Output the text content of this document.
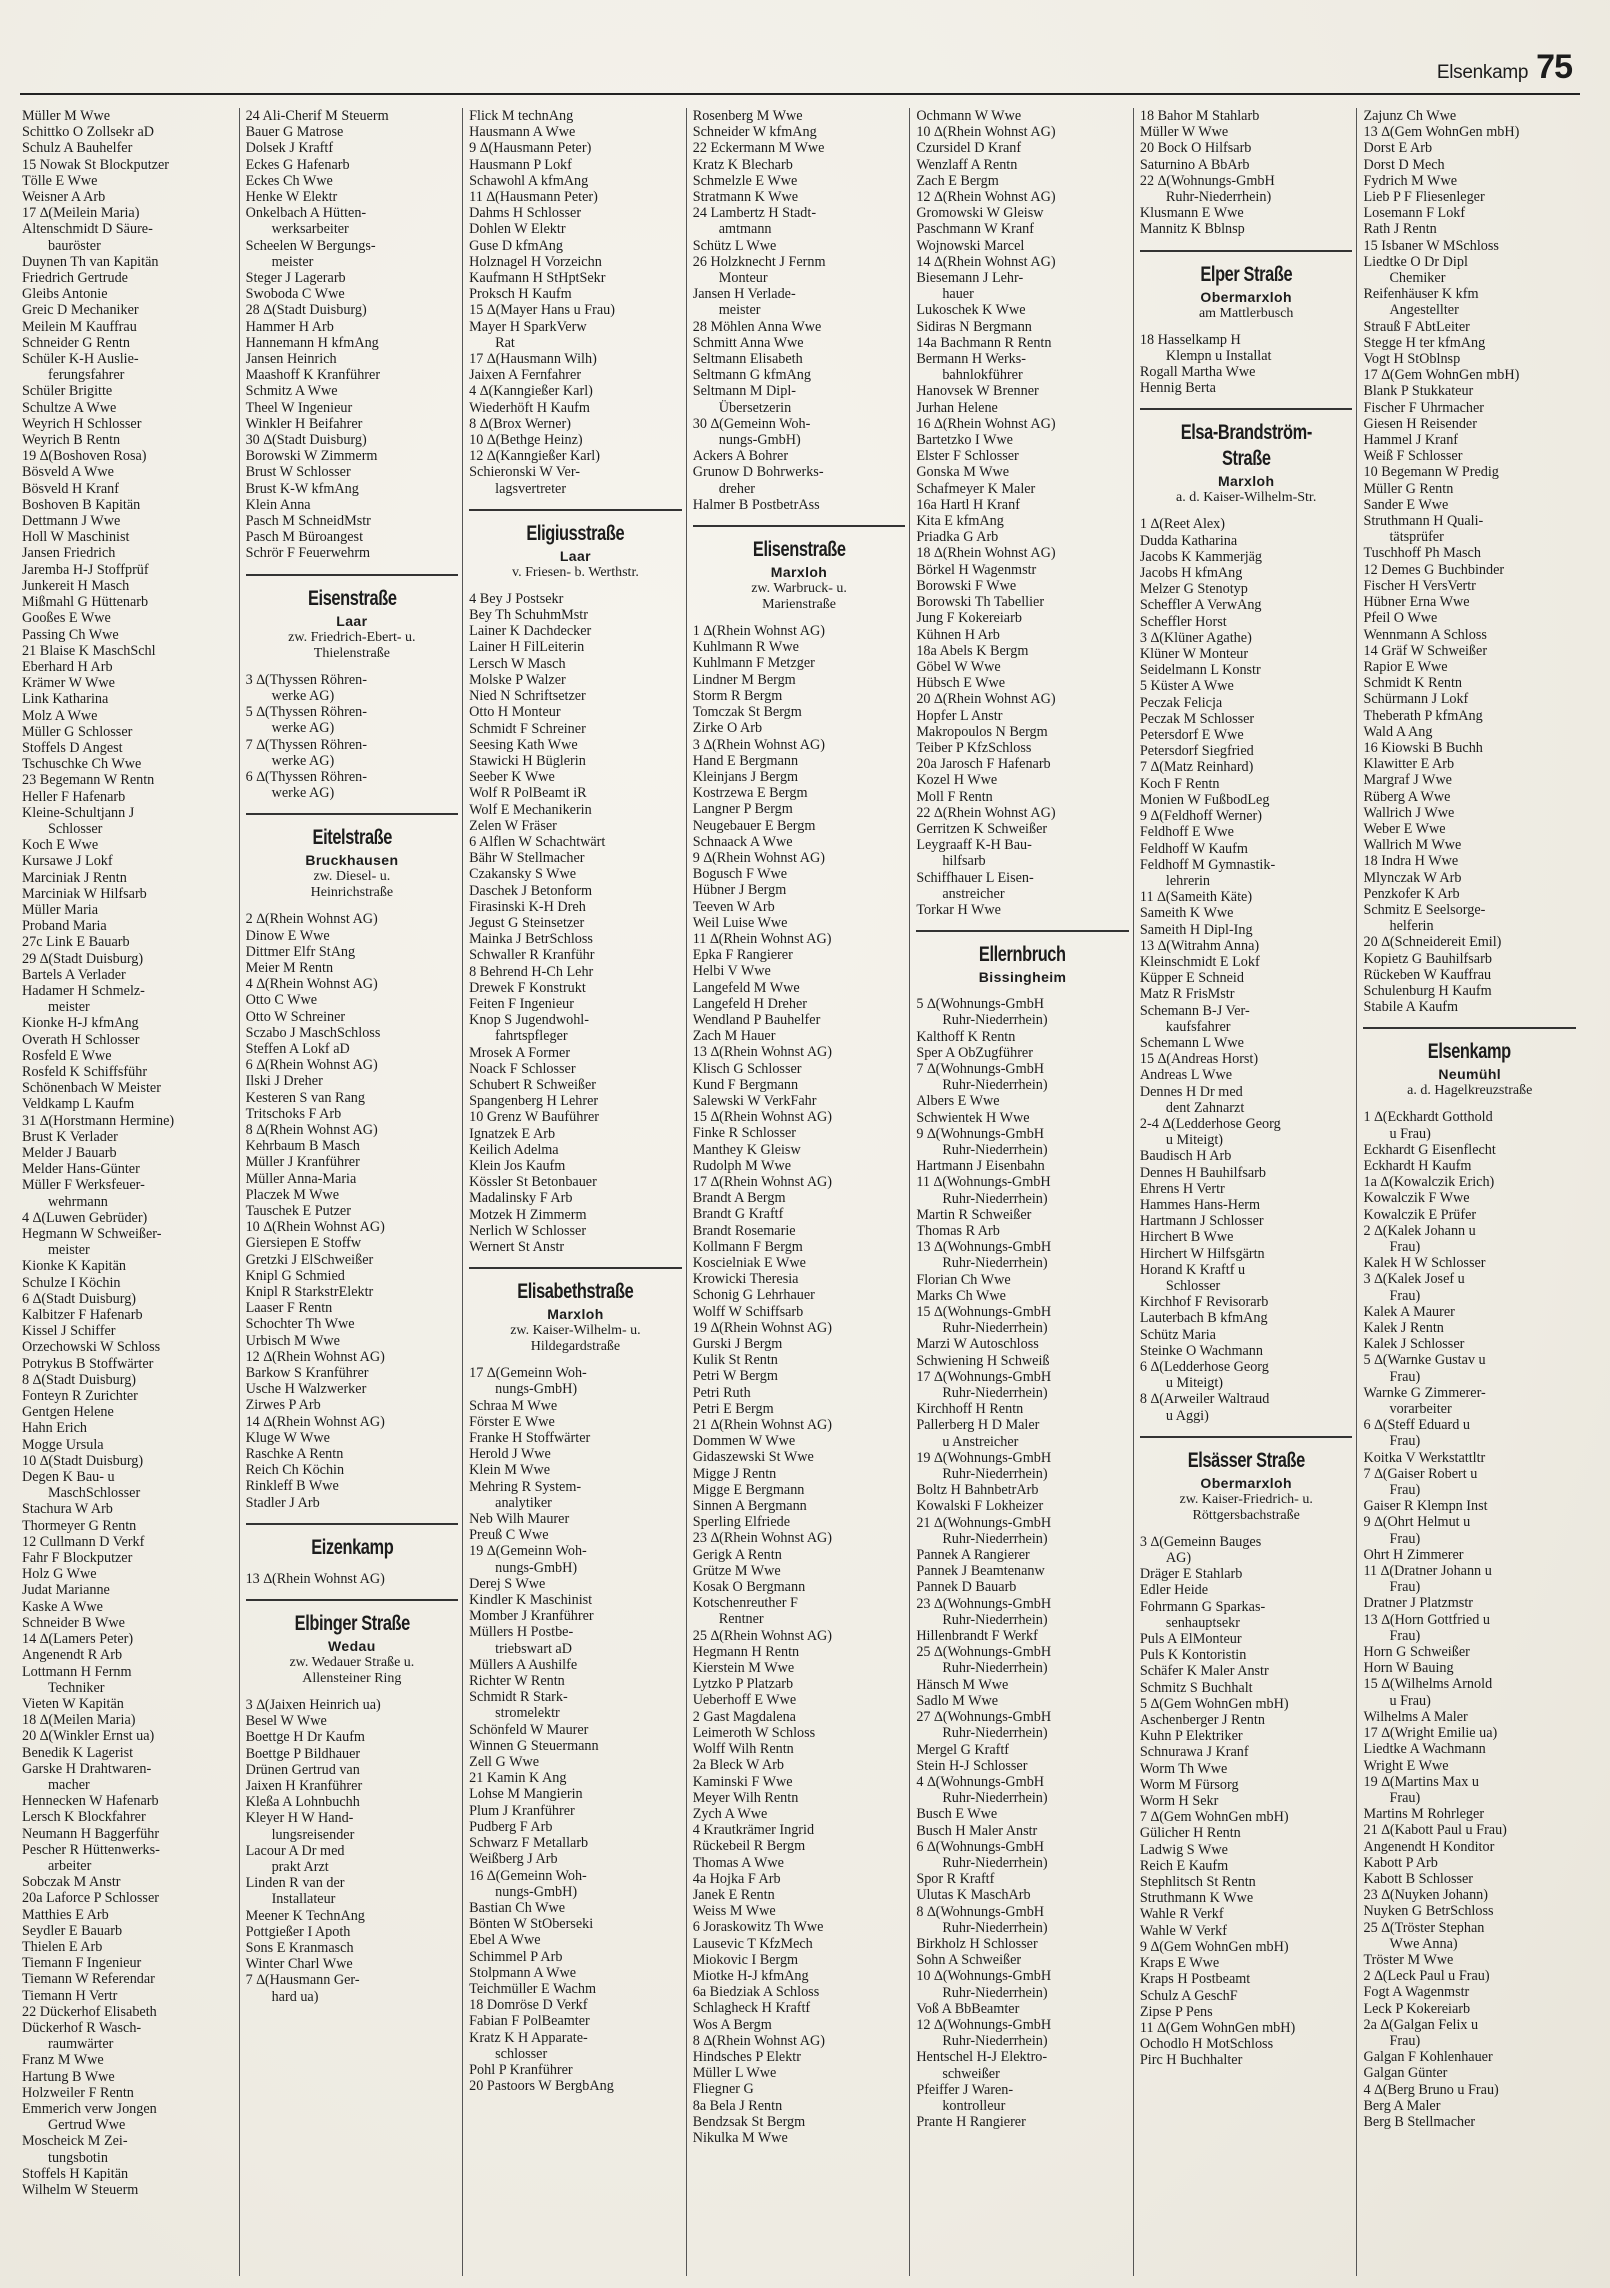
Elsenkamp 75
Müller M Wwe
Schittko O Zollsekr aD
Schulz A Bauhelfer
15 Nowak St Blockputzer
Tölle E Wwe
Weisner A Arb
17 ∆(Meilein Maria)
Altenschmidt D Säure-
bauröster
Duynen Th van Kapitän
Friedrich Gertrude
Gleibs Antonie
Greic D Mechaniker
Meilein M Kauffrau
Schneider G Rentn
Schüler K-H Auslie-
ferungsfahrer
Schüler Brigitte
Schultze A Wwe
Weyrich H Schlosser
Weyrich B Rentn
19 ∆(Boshoven Rosa)
Bösveld A Wwe
Bösveld H Kranf
Boshoven B Kapitän
Dettmann J Wwe
Holl W Maschinist
Jansen Friedrich
Jaremba H-J Stoffprüf
Junkereit H Masch
Mißmahl G Hüttenarb
Gooßes E Wwe
Passing Ch Wwe
21 Blaise K MaschSchl
Eberhard H Arb
Krämer W Wwe
Link Katharina
Molz A Wwe
Müller G Schlosser
Stoffels D Angest
Tschuschke Ch Wwe
23 Begemann W Rentn
Heller F Hafenarb
Kleine-Schultjann J
Schlosser
Koch E Wwe
Kursawe J Lokf
Marciniak J Rentn
Marciniak W Hilfsarb
Müller Maria
Proband Maria
27c Link E Bauarb
29 ∆(Stadt Duisburg)
Bartels A Verlader
Hadamer H Schmelz-
meister
Kionke H-J kfmAng
Overath H Schlosser
Rosfeld E Wwe
Rosfeld K Schiffsführ
Schönenbach W Meister
Veldkamp L Kaufm
31 ∆(Horstmann Hermine)
Brust K Verlader
Melder J Bauarb
Melder Hans-Günter
Müller F Werksfeuer-
wehrmann
4 ∆(Luwen Gebrüder)
Hegmann W Schweißer-
meister
Kionke K Kapitän
Schulze I Köchin
6 ∆(Stadt Duisburg)
Kalbitzer F Hafenarb
Kissel J Schiffer
Orzechowski W Schloss
Potrykus B Stoffwärter
8 ∆(Stadt Duisburg)
Fonteyn R Zurichter
Gentgen Helene
Hahn Erich
Mogge Ursula
10 ∆(Stadt Duisburg)
Degen K Bau- u
MaschSchlosser
Stachura W Arb
Thormeyer G Rentn
12 Cullmann D Verkf
Fahr F Blockputzer
Holz G Wwe
Judat Marianne
Kaske A Wwe
Schneider B Wwe
14 ∆(Lamers Peter)
Angenendt R Arb
Lottmann H Fernm
Techniker
Vieten W Kapitän
18 ∆(Meilen Maria)
20 ∆(Winkler Ernst ua)
Benedik K Lagerist
Garske H Drahtwaren-
macher
Hennecken W Hafenarb
Lersch K Blockfahrer
Neumann H Baggerführ
Pescher R Hüttenwerks-
arbeiter
Sobczak M Anstr
20a Laforce P Schlosser
Matthies E Arb
Seydler E Bauarb
Thielen E Arb
Tiemann F Ingenieur
Tiemann W Referendar
Tiemann H Vertr
22 Dückerhof Elisabeth
Dückerhof R Wasch-
raumwärter
Franz M Wwe
Hartung B Wwe
Holzweiler F Rentn
Emmerich verw Jongen
Gertrud Wwe
Moscheick M Zei-
tungsbotin
Stoffels H Kapitän
Wilhelm W Steuerm
24 Ali-Cherif M Steuerm
Bauer G Matrose
Dolsek J Kraftf
Eckes G Hafenarb
Eckes Ch Wwe
Henke W Elektr
Onkelbach A Hütten-
werksarbeiter
Scheelen W Bergungs-
meister
Steger J Lagerarb
Swoboda C Wwe
28 ∆(Stadt Duisburg)
Hammer H Arb
Hannemann H kfmAng
Jansen Heinrich
Maashoff K Kranführer
Schmitz A Wwe
Theel W Ingenieur
Winkler H Beifahrer
30 ∆(Stadt Duisburg)
Borowski W Zimmerm
Brust W Schlosser
Brust K-W kfmAng
Klein Anna
Pasch M SchneidMstr
Pasch M Büroangest
Schrör F Feuerwehrm
Eisenstraße
Laar
zw. Friedrich-Ebert- u.
Thielenstraße
3 ∆(Thyssen Röhren-
werke AG)
5 ∆(Thyssen Röhren-
werke AG)
7 ∆(Thyssen Röhren-
werke AG)
6 ∆(Thyssen Röhren-
werke AG)
Eitelstraße
Bruckhausen
zw. Diesel- u.
Heinrichstraße
2 ∆(Rhein Wohnst AG)
Dinow E Wwe
Dittmer Elfr StAng
Meier M Rentn
4 ∆(Rhein Wohnst AG)
Otto C Wwe
Otto W Schreiner
Sczabo J MaschSchloss
Steffen A Lokf aD
6 ∆(Rhein Wohnst AG)
Ilski J Dreher
Kesteren S van Rang
Tritschoks F Arb
8 ∆(Rhein Wohnst AG)
Kehrbaum B Masch
Müller J Kranführer
Müller Anna-Maria
Placzek M Wwe
Tauschek E Putzer
10 ∆(Rhein Wohnst AG)
Giersiepen E Stoffw
Gretzki J ElSchweißer
Knipl G Schmied
Knipl R StarkstrElektr
Laaser F Rentn
Schochter Th Wwe
Urbisch M Wwe
12 ∆(Rhein Wohnst AG)
Barkow S Kranführer
Usche H Walzwerker
Zirwes P Arb
14 ∆(Rhein Wohnst AG)
Kluge W Wwe
Raschke A Rentn
Reich Ch Köchin
Rinkleff B Wwe
Stadler J Arb
Eizenkamp
13 ∆(Rhein Wohnst AG)
Elbinger Straße
Wedau
zw. Wedauer Straße u.
Allensteiner Ring
3 ∆(Jaixen Heinrich ua)
Besel W Wwe
Boettge H Dr Kaufm
Boettge P Bildhauer
Drünen Gertrud van
Jaixen H Kranführer
Kleßa A Lohnbuchh
Kleyer H W Hand-
lungsreisender
Lacour A Dr med
prakt Arzt
Linden R van der
Installateur
Meener K TechnAng
Pottgießer I Apoth
Sons E Kranmasch
Winter Charl Wwe
7 ∆(Hausmann Ger-
hard ua)
Flick M technAng
Hausmann A Wwe
9 ∆(Hausmann Peter)
Hausmann P Lokf
Schawohl A kfmAng
11 ∆(Hausmann Peter)
Dahms H Schlosser
Dohlen W Elektr
Guse D kfmAng
Holznagel H Vorzeichn
Kaufmann H StHptSekr
Proksch H Kaufm
15 ∆(Mayer Hans u Frau)
Mayer H SparkVerw
Rat
17 ∆(Hausmann Wilh)
Jaixen A Fernfahrer
4 ∆(Kanngießer Karl)
Wiederhöft H Kaufm
8 ∆(Brox Werner)
10 ∆(Bethge Heinz)
12 ∆(Kanngießer Karl)
Schieronski W Ver-
lagsvertreter
Eligiusstraße
Laar
v. Friesen- b. Werthstr.
4 Bey J Postsekr
Bey Th SchuhmMstr
Lainer K Dachdecker
Lainer H FilLeiterin
Lersch W Masch
Molske P Walzer
Nied N Schriftsetzer
Otto H Monteur
Schmidt F Schreiner
Seesing Kath Wwe
Stawicki H Büglerin
Seeber K Wwe
Wolf R PolBeamt iR
Wolf E Mechanikerin
Zelen W Fräser
6 Alflen W Schachtwärt
Bähr W Stellmacher
Czakansky S Wwe
Daschek J Betonform
Firasinski K-H Dreh
Jegust G Steinsetzer
Mainka J BetrSchloss
Schwaller R Kranführ
8 Behrend H-Ch Lehr
Drewek F Konstrukt
Feiten F Ingenieur
Knop S Jugendwohl-
fahrtspfleger
Mrosek A Former
Noack F Schlosser
Schubert R Schweißer
Spangenberg H Lehrer
10 Grenz W Bauführer
Ignatzek E Arb
Keilich Adelma
Klein Jos Kaufm
Kössler St Betonbauer
Madalinsky F Arb
Motzek H Zimmerm
Nerlich W Schlosser
Wernert St Anstr
Elisabethstraße
Marxloh
zw. Kaiser-Wilhelm- u.
Hildegardstraße
17 ∆(Gemeinn Woh-
nungs-GmbH)
Schraa M Wwe
Förster E Wwe
Franke H Stoffwärter
Herold J Wwe
Klein M Wwe
Mehring R System-
analytiker
Neb Wilh Maurer
Preuß C Wwe
19 ∆(Gemeinn Woh-
nungs-GmbH)
Derej S Wwe
Kindler K Maschinist
Momber J Kranführer
Müllers H Postbe-
triebswart aD
Müllers A Aushilfe
Richter W Rentn
Schmidt R Stark-
stromelektr
Schönfeld W Maurer
Winnen G Steuermann
Zell G Wwe
21 Kamin K Ang
Lohse M Mangierin
Plum J Kranführer
Pudberg F Arb
Schwarz F Metallarb
Weißberg J Arb
16 ∆(Gemeinn Woh-
nungs-GmbH)
Bastian Ch Wwe
Bönten W StOberseki
Ebel A Wwe
Schimmel P Arb
Stolpmann A Wwe
Teichmüller E Wachm
18 Domröse D Verkf
Fabian F PolBeamter
Kratz K H Apparate-
schlosser
Pohl P Kranführer
20 Pastoors W BergbAng
Rosenberg M Wwe
Schneider W kfmAng
22 Eckermann M Wwe
Kratz K Blecharb
Schmelzle E Wwe
Stratmann K Wwe
24 Lambertz H Stadt-
amtmann
Schütz L Wwe
26 Holzknecht J Fernm
Monteur
Jansen H Verlade-
meister
28 Möhlen Anna Wwe
Schmitt Anna Wwe
Seltmann Elisabeth
Seltmann G kfmAng
Seltmann M Dipl-
Übersetzerin
30 ∆(Gemeinn Woh-
nungs-GmbH)
Ackers A Bohrer
Grunow D Bohrwerks-
dreher
Halmer B PostbetrAss
Elisenstraße
Marxloh
zw. Warbruck- u.
Marienstraße
1 ∆(Rhein Wohnst AG)
Kuhlmann R Wwe
Kuhlmann F Metzger
Lindner M Bergm
Storm R Bergm
Tomczak St Bergm
Zirke O Arb
3 ∆(Rhein Wohnst AG)
Hand E Bergmann
Kleinjans J Bergm
Kostrzewa E Bergm
Langner P Bergm
Neugebauer E Bergm
Schnaack A Wwe
9 ∆(Rhein Wohnst AG)
Bogusch F Wwe
Hübner J Bergm
Teeven W Arb
Weil Luise Wwe
11 ∆(Rhein Wohnst AG)
Epka F Rangierer
Helbi V Wwe
Langefeld M Wwe
Langefeld H Dreher
Wendland P Bauhelfer
Zach M Hauer
13 ∆(Rhein Wohnst AG)
Klisch G Schlosser
Kund F Bergmann
Salewski W VerkFahr
15 ∆(Rhein Wohnst AG)
Finke R Schlosser
Manthey K Gleisw
Rudolph M Wwe
17 ∆(Rhein Wohnst AG)
Brandt A Bergm
Brandt G Kraftf
Brandt Rosemarie
Kollmann F Bergm
Koscielniak E Wwe
Krowicki Theresia
Schonig G Lehrhauer
Wolff W Schiffsarb
19 ∆(Rhein Wohnst AG)
Gurski J Bergm
Kulik St Rentn
Petri W Bergm
Petri Ruth
Petri E Bergm
21 ∆(Rhein Wohnst AG)
Dommen W Wwe
Gidaszewski St Wwe
Migge J Rentn
Migge E Bergmann
Sinnen A Bergmann
Sperling Elfriede
23 ∆(Rhein Wohnst AG)
Gerigk A Rentn
Grütze M Wwe
Kosak O Bergmann
Kotschenreuther F
Rentner
25 ∆(Rhein Wohnst AG)
Hegmann H Rentn
Kierstein M Wwe
Lytzko P Platzarb
Ueberhoff E Wwe
2 Gast Magdalena
Leimeroth W Schloss
Wolff Wilh Rentn
2a Bleck W Arb
Kaminski F Wwe
Meyer Wilh Rentn
Zych A Wwe
4 Krautkrämer Ingrid
Rückebeil R Bergm
Thomas A Wwe
4a Hojka F Arb
Janek E Rentn
Weiss M Wwe
6 Joraskowitz Th Wwe
Lausevic T KfzMech
Miokovic I Bergm
Miotke H-J kfmAng
6a Biedziak A Schloss
Schlagheck H Kraftf
Wos A Bergm
8 ∆(Rhein Wohnst AG)
Hindsches P Elektr
Müller L Wwe
Fliegner G
8a Bela J Rentn
Bendzsak St Bergm
Nikulka M Wwe
Ochmann W Wwe
10 ∆(Rhein Wohnst AG)
Czursidel D Kranf
Wenzlaff A Rentn
Zach E Bergm
12 ∆(Rhein Wohnst AG)
Gromowski W Gleisw
Paschmann W Kranf
Wojnowski Marcel
14 ∆(Rhein Wohnst AG)
Biesemann J Lehr-
hauer
Lukoschek K Wwe
Sidiras N Bergmann
14a Bachmann R Rentn
Bermann H Werks-
bahnlokführer
Hanovsek W Brenner
Jurhan Helene
16 ∆(Rhein Wohnst AG)
Bartetzko I Wwe
Elster F Schlosser
Gonska M Wwe
Schafmeyer K Maler
16a Hartl H Kranf
Kita E kfmAng
Priadka G Arb
18 ∆(Rhein Wohnst AG)
Börkel H Wagenmstr
Borowski F Wwe
Borowski Th Tabellier
Jung F Kokereiarb
Kühnen H Arb
18a Abels K Bergm
Göbel W Wwe
Hübsch E Wwe
20 ∆(Rhein Wohnst AG)
Hopfer L Anstr
Makropoulos N Bergm
Teiber P KfzSchloss
20a Jarosch F Hafenarb
Kozel H Wwe
Moll F Rentn
22 ∆(Rhein Wohnst AG)
Gerritzen K Schweißer
Leygraaff K-H Bau-
hilfsarb
Schiffhauer L Eisen-
anstreicher
Torkar H Wwe
Ellernbruch
Bissingheim
5 ∆(Wohnungs-GmbH
Ruhr-Niederrhein)
Kalthoff K Rentn
Sper A ObZugführer
7 ∆(Wohnungs-GmbH
Ruhr-Niederrhein)
Albers E Wwe
Schwientek H Wwe
9 ∆(Wohnungs-GmbH
Ruhr-Niederrhein)
Hartmann J Eisenbahn
11 ∆(Wohnungs-GmbH
Ruhr-Niederrhein)
Martin R Schweißer
Thomas R Arb
13 ∆(Wohnungs-GmbH
Ruhr-Niederrhein)
Florian Ch Wwe
Marks Ch Wwe
15 ∆(Wohnungs-GmbH
Ruhr-Niederrhein)
Marzi W Autoschloss
Schwiening H Schweiß
17 ∆(Wohnungs-GmbH
Ruhr-Niederrhein)
Kirchhoff H Rentn
Pallerberg H D Maler
u Anstreicher
19 ∆(Wohnungs-GmbH
Ruhr-Niederrhein)
Boltz H BahnbetrArb
Kowalski F Lokheizer
21 ∆(Wohnungs-GmbH
Ruhr-Niederrhein)
Pannek A Rangierer
Pannek J Beamtenanw
Pannek D Bauarb
23 ∆(Wohnungs-GmbH
Ruhr-Niederrhein)
Hillenbrandt F Werkf
25 ∆(Wohnungs-GmbH
Ruhr-Niederrhein)
Hänsch M Wwe
Sadlo M Wwe
27 ∆(Wohnungs-GmbH
Ruhr-Niederrhein)
Mergel G Kraftf
Stein H-J Schlosser
4 ∆(Wohnungs-GmbH
Ruhr-Niederrhein)
Busch E Wwe
Busch H Maler Anstr
6 ∆(Wohnungs-GmbH
Ruhr-Niederrhein)
Spor R Kraftf
Ulutas K MaschArb
8 ∆(Wohnungs-GmbH
Ruhr-Niederrhein)
Birkholz H Schlosser
Sohn A Schweißer
10 ∆(Wohnungs-GmbH
Ruhr-Niederrhein)
Voß A BbBeamter
12 ∆(Wohnungs-GmbH
Ruhr-Niederrhein)
Hentschel H-J Elektro-
schweißer
Pfeiffer J Waren-
kontrolleur
Prante H Rangierer
18 Bahor M Stahlarb
Müller W Wwe
20 Bock O Hilfsarb
Saturnino A BbArb
22 ∆(Wohnungs-GmbH
Ruhr-Niederrhein)
Klusmann E Wwe
Mannitz K Bblnsp
Elper Straße
Obermarxloh
am Mattlerbusch
18 Hasselkamp H
Klempn u Installat
Rogall Martha Wwe
Hennig Berta
Elsa-Brandström-Straße
Marxloh
a. d. Kaiser-Wilhelm-Str.
1 ∆(Reet Alex)
Dudda Katharina
Jacobs K Kammerjäg
Jacobs H kfmAng
Melzer G Stenotyp
Scheffler A VerwAng
Scheffler Horst
3 ∆(Klüner Agathe)
Klüner W Monteur
Seidelmann L Konstr
5 Küster A Wwe
Peczak Felicja
Peczak M Schlosser
Petersdorf E Wwe
Petersdorf Siegfried
7 ∆(Matz Reinhard)
Koch F Rentn
Monien W FußbodLeg
9 ∆(Feldhoff Werner)
Feldhoff E Wwe
Feldhoff W Kaufm
Feldhoff M Gymnastik-
lehrerin
11 ∆(Sameith Käte)
Sameith K Wwe
Sameith H Dipl-Ing
13 ∆(Witrahm Anna)
Kleinschmidt E Lokf
Küpper E Schneid
Matz R FrisMstr
Schemann B-J Ver-
kaufsfahrer
Schemann L Wwe
15 ∆(Andreas Horst)
Andreas L Wwe
Dennes H Dr med
dent Zahnarzt
2-4 ∆(Ledderhose Georg
u Miteigt)
Baudisch H Arb
Dennes H Bauhilfsarb
Ehrens H Vertr
Hammes Hans-Herm
Hartmann J Schlosser
Hirchert B Wwe
Hirchert W Hilfsgärtn
Horand K Kraftf u
Schlosser
Kirchhof F Revisorarb
Lauterbach B kfmAng
Schütz Maria
Steinke O Wachmann
6 ∆(Ledderhose Georg
u Miteigt)
8 ∆(Arweiler Waltraud
u Aggi)
Elsässer Straße
Obermarxloh
zw. Kaiser-Friedrich- u.
Röttgersbachstraße
3 ∆(Gemeinn Bauges
AG)
Dräger E Stahlarb
Edler Heide
Fohrmann G Sparkas-
senhauptsekr
Puls A ElMonteur
Puls K Kontoristin
Schäfer K Maler Anstr
Schmitz S Buchhalt
5 ∆(Gem WohnGen mbH)
Aschenberger J Rentn
Kuhn P Elektriker
Schnurawa J Kranf
Worm Th Wwe
Worm M Fürsorg
Worm H Sekr
7 ∆(Gem WohnGen mbH)
Gülicher H Rentn
Ladwig S Wwe
Reich E Kaufm
Stephlitsch St Rentn
Struthmann K Wwe
Wahle R Verkf
Wahle W Verkf
9 ∆(Gem WohnGen mbH)
Kraps E Wwe
Kraps H Postbeamt
Schulz A GeschF
Zipse P Pens
11 ∆(Gem WohnGen mbH)
Ochodlo H MotSchloss
Pirc H Buchhalter
Zajunz Ch Wwe
13 ∆(Gem WohnGen mbH)
Dorst E Arb
Dorst D Mech
Fydrich M Wwe
Lieb P F Fliesenleger
Losemann F Lokf
Rath J Rentn
15 Isbaner W MSchloss
Liedtke O Dr Dipl
Chemiker
Reifenhäuser K kfm
Angestellter
Strauß F AbtLeiter
Stegge H ter kfmAng
Vogt H StOblnsp
17 ∆(Gem WohnGen mbH)
Blank P Stukkateur
Fischer F Uhrmacher
Giesen H Reisender
Hammel J Kranf
Weiß F Schlosser
10 Begemann W Predig
Müller G Rentn
Sander E Wwe
Struthmann H Quali-
tätsprüfer
Tuschhoff Ph Masch
12 Demes G Buchbinder
Fischer H VersVertr
Hübner Erna Wwe
Pfeil O Wwe
Wennmann A Schloss
14 Gräf W Schweißer
Rapior E Wwe
Schmidt K Rentn
Schürmann J Lokf
Theberath P kfmAng
Wald A Ang
16 Kiowski B Buchh
Klawitter E Arb
Margraf J Wwe
Rüberg A Wwe
Wallrich J Wwe
Weber E Wwe
Wallrich M Wwe
18 Indra H Wwe
Mlynczak W Arb
Penzkofer K Arb
Schmitz E Seelsorge-
helferin
20 ∆(Schneidereit Emil)
Kopietz G Bauhilfsarb
Rückeben W Kauffrau
Schulenburg H Kaufm
Stabile A Kaufm
Elsenkamp
Neumühl
a. d. Hagelkreuzstraße
1 ∆(Eckhardt Gotthold
u Frau)
Eckhardt G Eisenflecht
Eckhardt H Kaufm
1a ∆(Kowalczik Erich)
Kowalczik F Wwe
Kowalczik E Prüfer
2 ∆(Kalek Johann u
Frau)
Kalek H W Schlosser
3 ∆(Kalek Josef u
Frau)
Kalek A Maurer
Kalek J Rentn
Kalek J Schlosser
5 ∆(Warnke Gustav u
Frau)
Warnke G Zimmerer-
vorarbeiter
6 ∆(Steff Eduard u
Frau)
Koitka V Werkstattltr
7 ∆(Gaiser Robert u
Frau)
Gaiser R Klempn Inst
9 ∆(Ohrt Helmut u
Frau)
Ohrt H Zimmerer
11 ∆(Dratner Johann u
Frau)
Dratner J Platzmstr
13 ∆(Horn Gottfried u
Frau)
Horn G Schweißer
Horn W Bauing
15 ∆(Wilhelms Arnold
u Frau)
Wilhelms A Maler
17 ∆(Wright Emilie ua)
Liedtke A Wachmann
Wright E Wwe
19 ∆(Martins Max u
Frau)
Martins M Rohrleger
21 ∆(Kabott Paul u Frau)
Angenendt H Konditor
Kabott P Arb
Kabott B Schlosser
23 ∆(Nuyken Johann)
Nuyken G BetrSchloss
25 ∆(Tröster Stephan
Wwe Anna)
Tröster M Wwe
2 ∆(Leck Paul u Frau)
Fogt A Wagenmstr
Leck P Kokereiarb
2a ∆(Galgan Felix u
Frau)
Galgan F Kohlenhauer
Galgan Günter
4 ∆(Berg Bruno u Frau)
Berg A Maler
Berg B Stellmacher
